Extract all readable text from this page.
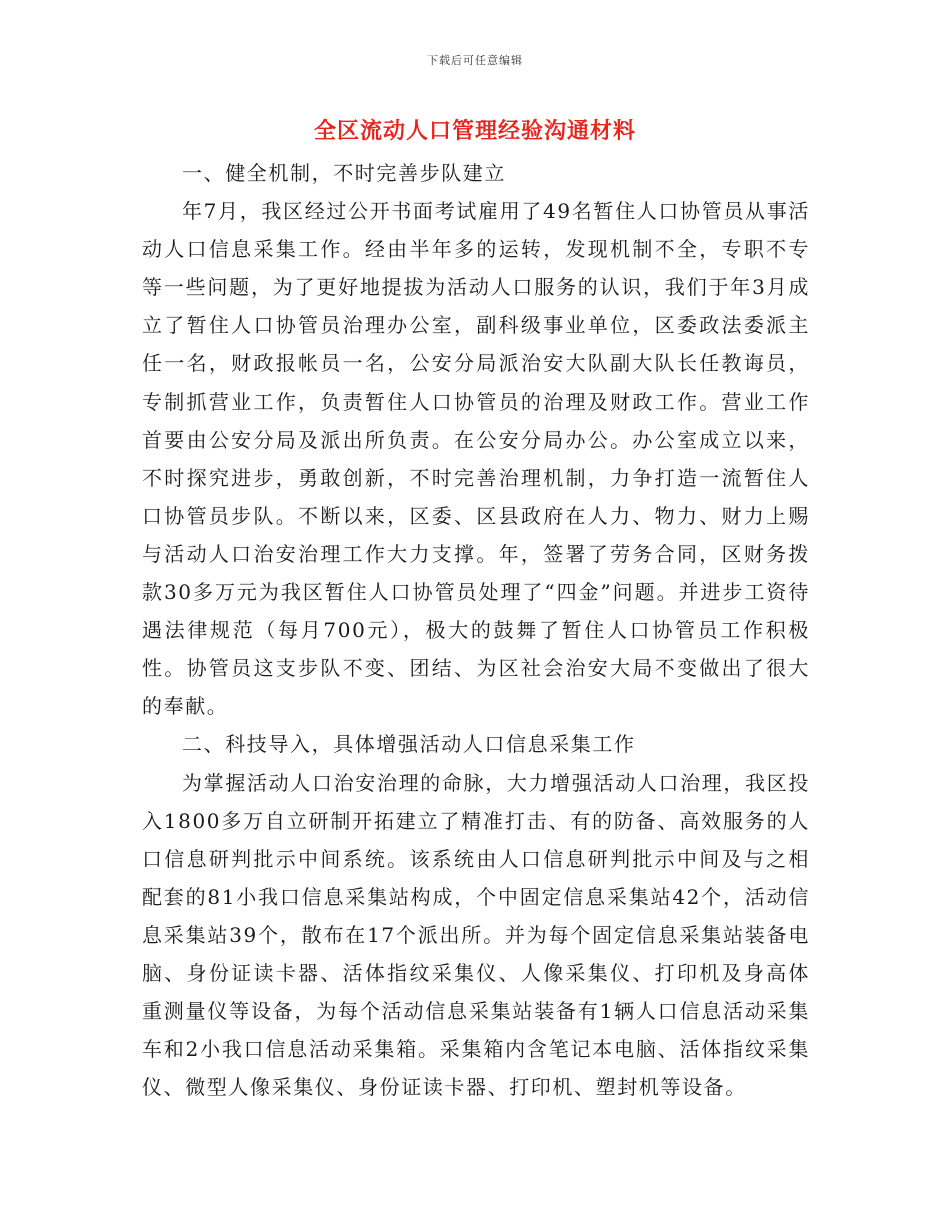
下载后可任意编辑
全区流动人口管理经验沟通材料

一、健全机制，不时完善步队建立

年7月，我区经过公开书面考试雇用了49名暂住人口协管员从事活动人口信息采集工作。经由半年多的运转，发现机制不全，专职不专等一些问题，为了更好地提拔为活动人口服务的认识，我们于年3月成立了暂住人口协管员治理办公室，副科级事业单位，区委政法委派主任一名，财政报帐员一名，公安分局派治安大队副大队长任教诲员，专制抓营业工作，负责暂住人口协管员的治理及财政工作。营业工作首要由公安分局及派出所负责。在公安分局办公。办公室成立以来，不时探究进步，勇敢创新，不时完善治理机制，力争打造一流暂住人口协管员步队。不断以来，区委、区县政府在人力、物力、财力上赐与活动人口治安治理工作大力支撑。年，签署了劳务合同，区财务拨款30多万元为我区暂住人口协管员处理了“四金”问题。并进步工资待遇法律规范（每月700元），极大的鼓舞了暂住人口协管员工作积极性。协管员这支步队不变、团结、为区社会治安大局不变做出了很大的奉献。

二、科技导入，具体增强活动人口信息采集工作

为掌握活动人口治安治理的命脉，大力增强活动人口治理，我区投入1800多万自立研制开拓建立了精准打击、有的防备、高效服务的人口信息研判批示中间系统。该系统由人口信息研判批示中间及与之相配套的81小我口信息采集站构成，个中固定信息采集站42个，活动信息采集站39个，散布在17个派出所。并为每个固定信息采集站装备电脑、身份证读卡器、活体指纹采集仪、人像采集仪、打印机及身高体重测量仪等设备，为每个活动信息采集站装备有1辆人口信息活动采集车和2小我口信息活动采集箱。采集箱内含笔记本电脑、活体指纹采集仪、微型人像采集仪、身份证读卡器、打印机、塑封机等设备。
